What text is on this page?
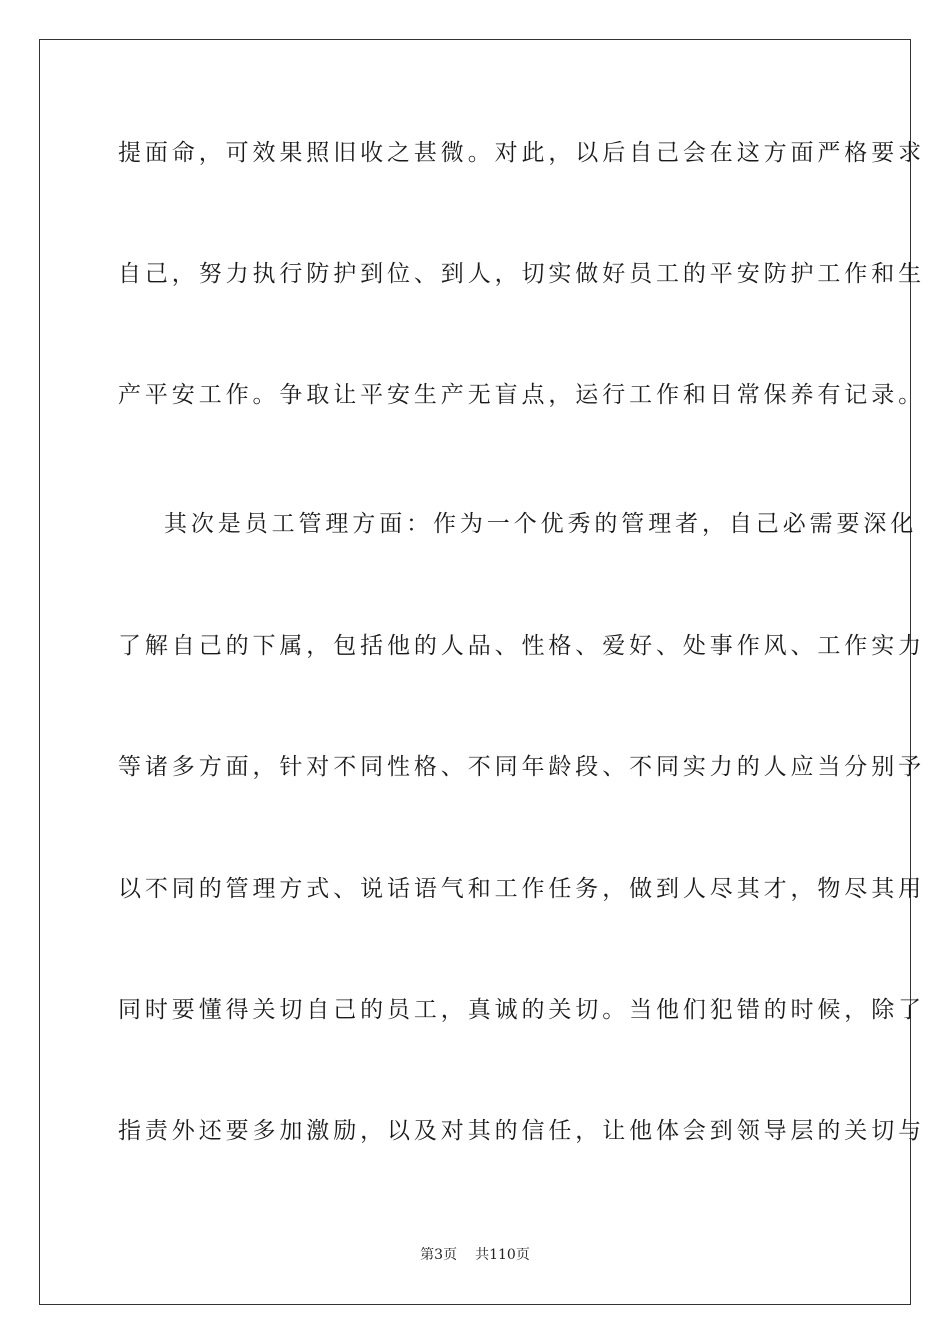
提面命，可效果照旧收之甚微。对此，以后自己会在这方面严格要求
自己，努力执行防护到位、到人，切实做好员工的平安防护工作和生
产平安工作。争取让平安生产无盲点，运行工作和日常保养有记录。
其次是员工管理方面：作为一个优秀的管理者，自己必需要深化
了解自己的下属，包括他的人品、性格、爱好、处事作风、工作实力
等诸多方面，针对不同性格、不同年龄段、不同实力的人应当分别予
以不同的管理方式、说话语气和工作任务，做到人尽其才，物尽其用
同时要懂得关切自己的员工，真诚的关切。当他们犯错的时候，除了
指责外还要多加激励，以及对其的信任，让他体会到领导层的关切与
第3页 共110页
